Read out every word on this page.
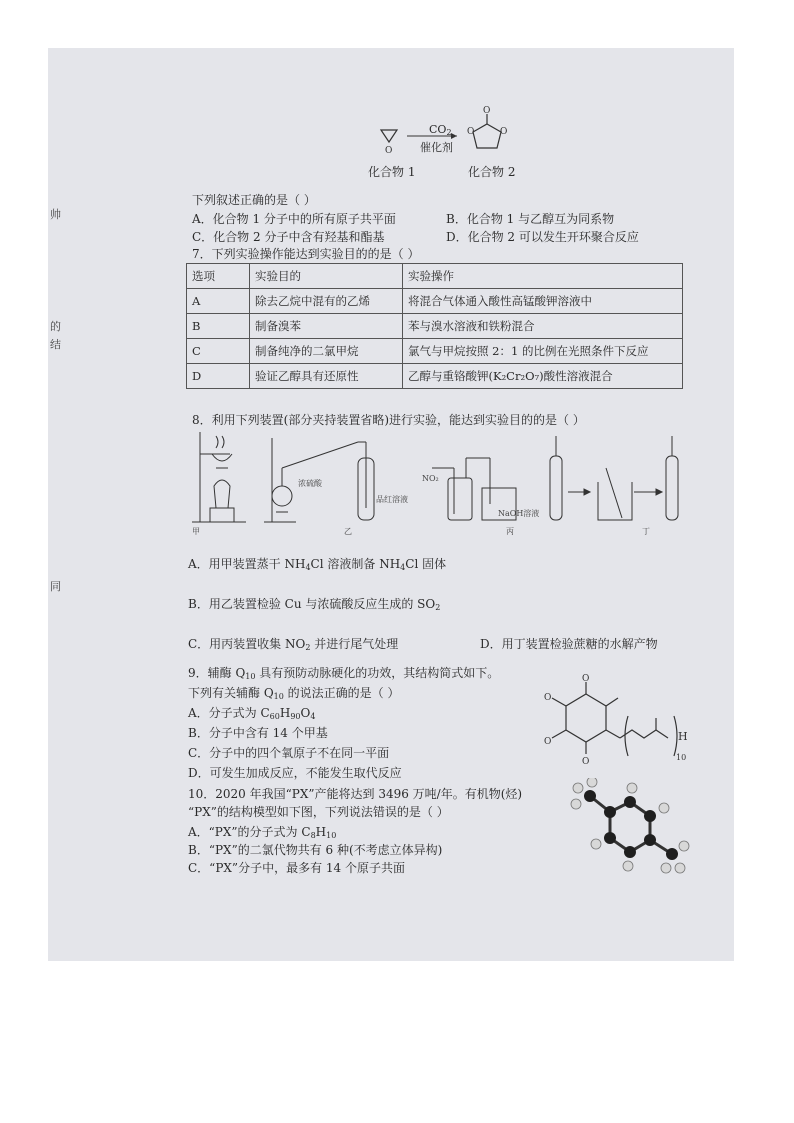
帅
的
结
同
O
O
O	O
$CO_2$
催化剂
化合物 1	化合物 2
下列叙述正确的是（ ）
A．化合物 1 分子中的所有原子共平面	B．化合物 1 与乙醇互为同系物
C．化合物 2 分子中含有羟基和酯基	D．化合物 2 可以发生开环聚合反应
7．下列实验操作能达到实验目的的是（ ）
选项	实验目的	实验操作
A	除去乙烷中混有的乙烯	将混合气体通入酸性高锰酸钾溶液中
B	制备溴苯	苯与溴水溶液和铁粉混合
C	制备纯净的二氯甲烷	氯气与甲烷按照 2：1 的比例在光照条件下反应
D	验证乙醇具有还原性	乙醇与重铬酸钾(K₂Cr₂O₇)酸性溶液混合
8．利用下列装置(部分夹持装置省略)进行实验，能达到实验目的的是（ ）
甲	乙	丙	丁
浓硫酸
品红溶液
NO₂
NaOH溶液
A．用甲装置蒸干 $NH_4Cl$ 溶液制备 $NH_4Cl$ 固体
B．用乙装置检验 Cu 与浓硫酸反应生成的 $SO_2$
C．用丙装置收集 $NO_2$ 并进行尾气处理	D．用丁装置检验蔗糖的水解产物
9．辅酶 $Q_{10}$ 具有预防动脉硬化的功效，其结构简式如下。
下列有关辅酶 $Q_{10}$ 的说法正确的是（ ）
A．分子式为 $C_{60}H_{90}O_4$
B．分子中含有 14 个甲基
C．分子中的四个氧原子不在同一平面
D．可发生加成反应，不能发生取代反应
O
O
O
O	H
10
10．2020 年我国“PX”产能将达到 3496 万吨/年。有机物(烃)
“PX”的结构模型如下图，下列说法错误的是（ ）
A．“PX”的分子式为 $C_8H_{10}$
B．“PX”的二氯代物共有 6 种(不考虑立体异构)
C．“PX”分子中，最多有 14 个原子共面
